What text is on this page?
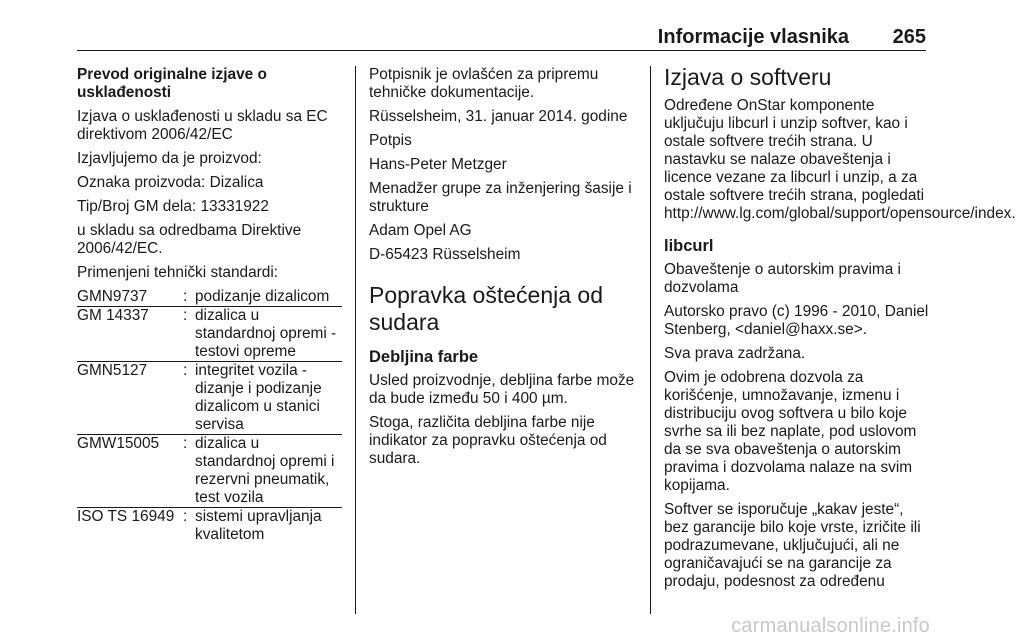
Informacije vlasnika 265

Prevod originalne izjave o usklađenosti

Izjava o usklađenosti u skladu sa EC direktivom 2006/42/EC

Izjavljujemo da je proizvod:

Oznaka proizvoda: Dizalica

Tip/Broj GM dela: 13331922

u skladu sa odredbama Direktive 2006/42/EC.

Primenjeni tehnički standardi:

GMN9737	: podizanje dizalicom
GM 14337	: dizalica u standardnoj opremi - testovi opreme
GMN5127	: integritet vozila - dizanje i podizanje dizalicom u stanici servisa
GMW15005	: dizalica u standardnoj opremi i rezervni pneumatik, test vozila
ISO TS 16949 : sistemi upravljanja kvalitetom

Potpisnik je ovlašćen za pripremu tehničke dokumentacije.

Rüsselsheim, 31. januar 2014. godine

Potpis

Hans-Peter Metzger

Menadžer grupe za inženjering šasije i strukture

Adam Opel AG

D-65423 Rüsselsheim

Popravka oštećenja od sudara
Debljina farbe

Usled proizvodnje, debljina farbe može da bude između 50 i 400 µm.

Stoga, različita debljina farbe nije indikator za popravku oštećenja od sudara.

Izjava o softveru

Određene OnStar komponente uključuju libcurl i unzip softver, kao i ostale softvere trećih strana. U nastavku se nalaze obaveštenja i licence vezane za libcurl i unzip, a za ostale softvere trećih strana, pogledati http://www.lg.com/global/support/opensource/index.

libcurl

Obaveštenje o autorskim pravima i dozvolama

Autorsko pravo (c) 1996 - 2010, Daniel Stenberg, <daniel@haxx.se>.

Sva prava zadržana.

Ovim je odobrena dozvola za korišćenje, umnožavanje, izmenu i distribuciju ovog softvera u bilo koje svrhe sa ili bez naplate, pod uslovom da se sva obaveštenja o autorskim pravima i dozvolama nalaze na svim kopijama.

Softver se isporučuje „kakav jeste“, bez garancije bilo koje vrste, izričite ili podrazumevane, uključujući, ali ne ograničavajući se na garancije za prodaju, podesnost za određenu

carmanualsonline.info
